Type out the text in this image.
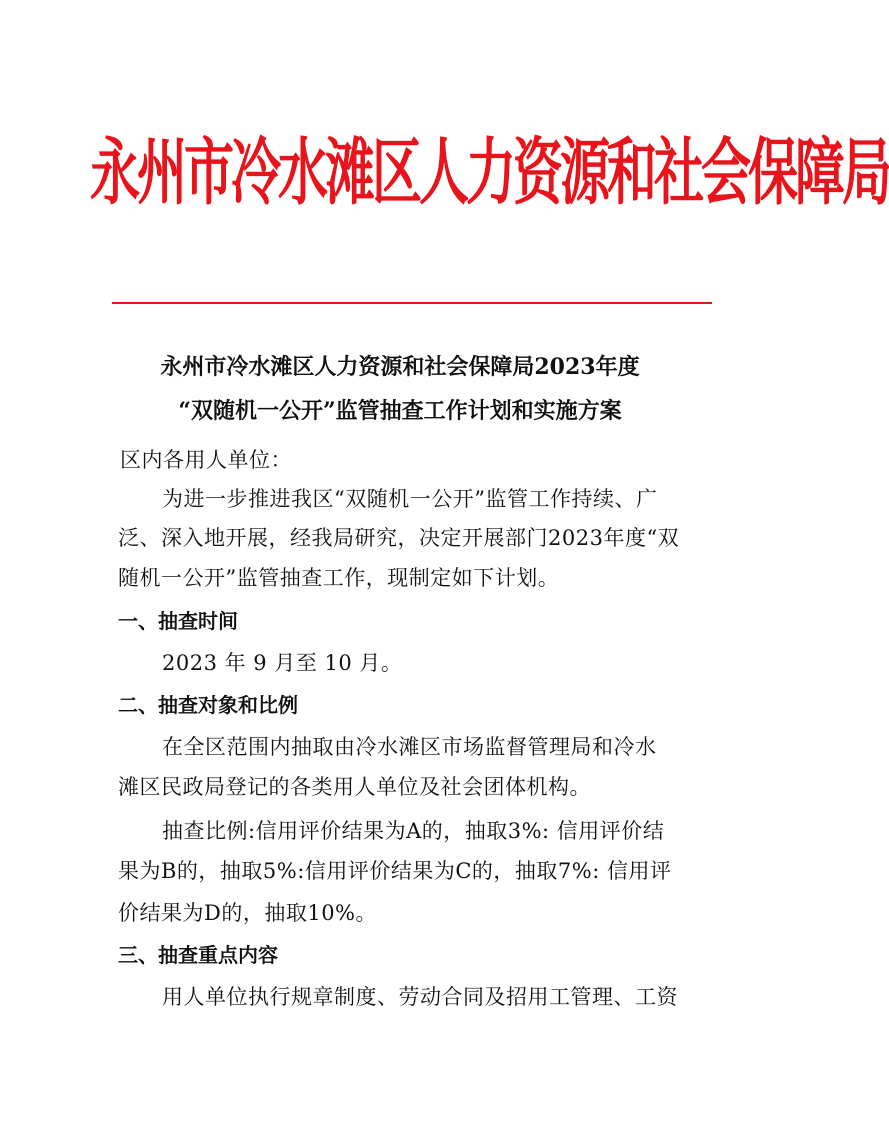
永州市冷水滩区人力资源和社会保障局
永州市冷水滩区人力资源和社会保障局2023年度
“双随机一公开”监管抽查工作计划和实施方案
区内各用人单位：
为进一步推进我区“双随机一公开”监管工作持续、广
泛、深入地开展，经我局研究，决定开展部门2023年度“双
随机一公开”监管抽查工作，现制定如下计划。
一、抽查时间
2023 年 9 月至 10 月。
二、抽查对象和比例
在全区范围内抽取由冷水滩区市场监督管理局和冷水
滩区民政局登记的各类用人单位及社会团体机构。
抽查比例:信用评价结果为A的，抽取3%: 信用评价结
果为B的，抽取5%:信用评价结果为C的，抽取7%: 信用评
价结果为D的，抽取10%。
三、抽查重点内容
用人单位执行规章制度、劳动合同及招用工管理、工资
